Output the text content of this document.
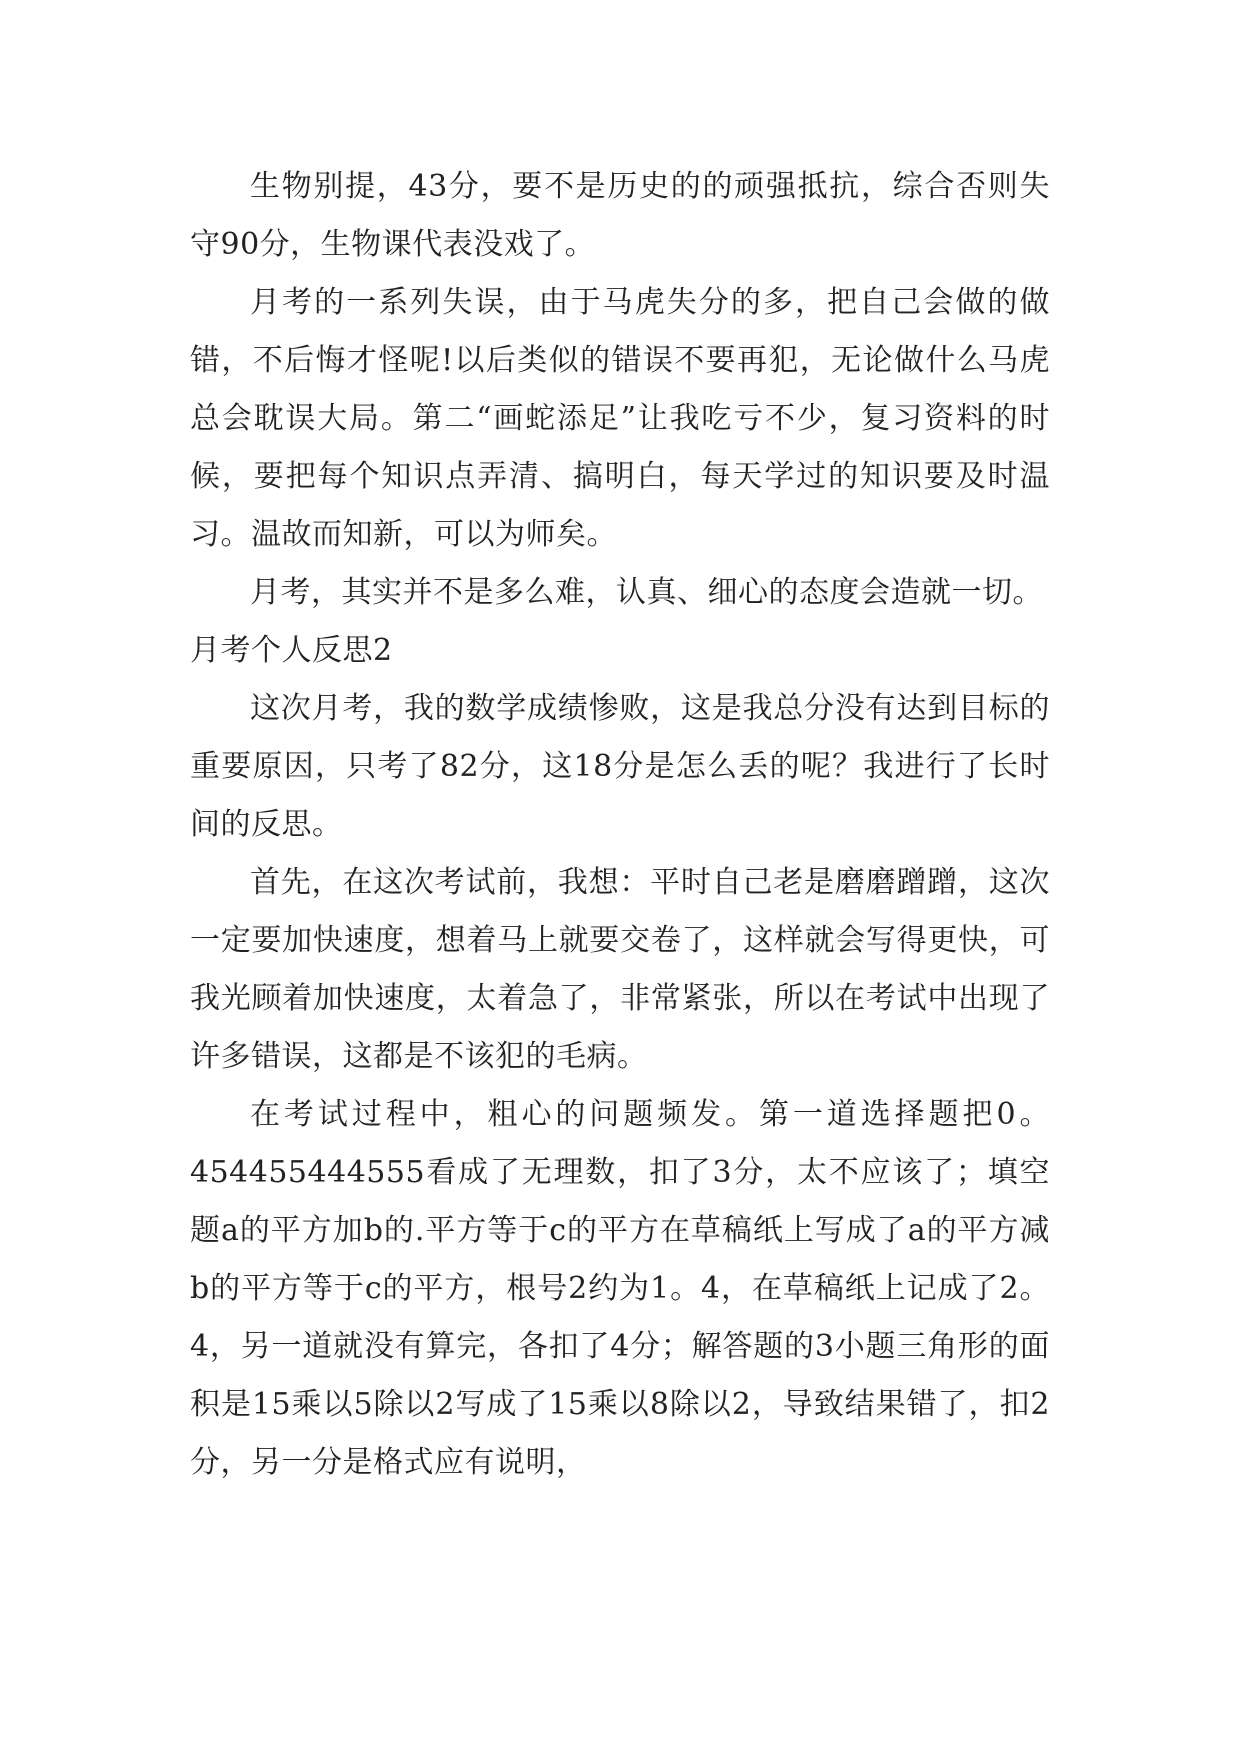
生物别提，43分，要不是历史的的顽强抵抗，综合否则失守90分，生物课代表没戏了。

月考的一系列失误，由于马虎失分的多，把自己会做的做错，不后悔才怪呢!以后类似的错误不要再犯，无论做什么马虎总会耽误大局。第二“画蛇添足”让我吃亏不少，复习资料的时候，要把每个知识点弄清、搞明白，每天学过的知识要及时温习。温故而知新，可以为师矣。

月考，其实并不是多么难，认真、细心的态度会造就一切。

月考个人反思2

这次月考，我的数学成绩惨败，这是我总分没有达到目标的重要原因，只考了82分，这18分是怎么丢的呢？我进行了长时间的反思。

首先，在这次考试前，我想：平时自己老是磨磨蹭蹭，这次一定要加快速度，想着马上就要交卷了，这样就会写得更快，可我光顾着加快速度，太着急了，非常紧张，所以在考试中出现了许多错误，这都是不该犯的毛病。

在考试过程中，粗心的问题频发。第一道选择题把0。454455444555看成了无理数，扣了3分，太不应该了；填空题a的平方加b的.平方等于c的平方在草稿纸上写成了a的平方减b的平方等于c的平方，根号2约为1。4，在草稿纸上记成了2。4，另一道就没有算完，各扣了4分；解答题的3小题三角形的面积是15乘以5除以2写成了15乘以8除以2，导致结果错了，扣2分，另一分是格式应有说明，
